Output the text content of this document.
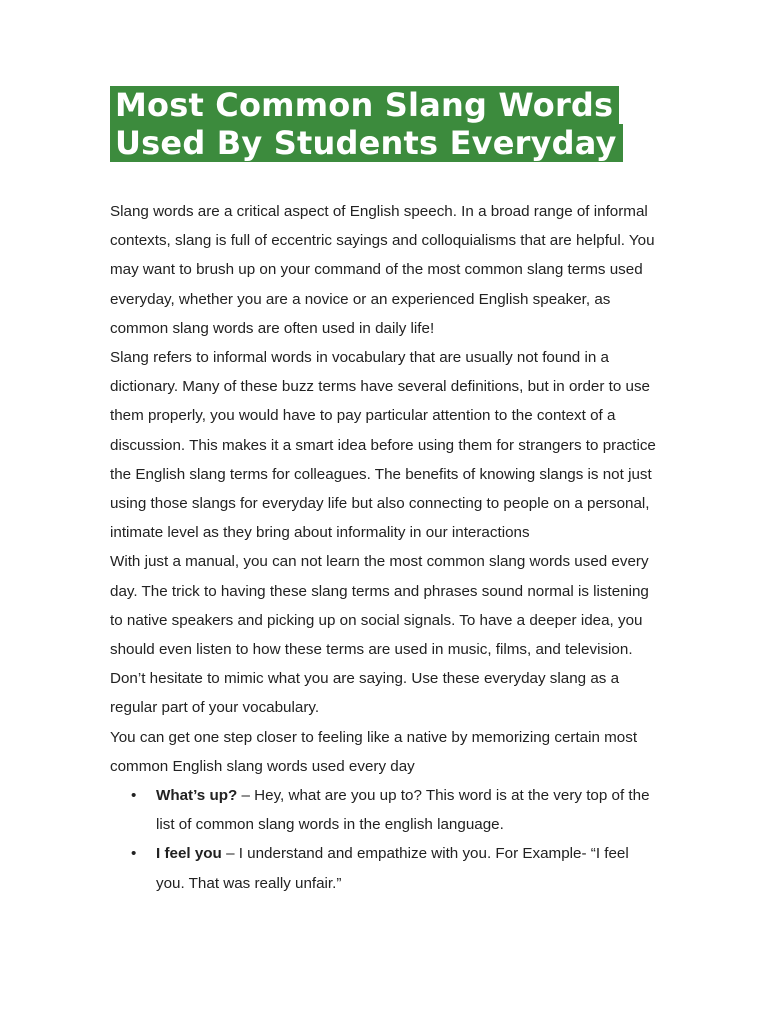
Most Common Slang Words
Used By Students Everyday

Slang words are a critical aspect of English speech. In a broad range of informal contexts, slang is full of eccentric sayings and colloquialisms that are helpful. You may want to brush up on your command of the most common slang terms used everyday, whether you are a novice or an experienced English speaker, as common slang words are often used in daily life!

Slang refers to informal words in vocabulary that are usually not found in a dictionary. Many of these buzz terms have several definitions, but in order to use them properly, you would have to pay particular attention to the context of a discussion. This makes it a smart idea before using them for strangers to practice the English slang terms for colleagues. The benefits of knowing slangs is not just using those slangs for everyday life but also connecting to people on a personal, intimate level as they bring about informality in our interactions

With just a manual, you can not learn the most common slang words used every day. The trick to having these slang terms and phrases sound normal is listening to native speakers and picking up on social signals. To have a deeper idea, you should even listen to how these terms are used in music, films, and television. Don’t hesitate to mimic what you are saying. Use these everyday slang as a regular part of your vocabulary.

You can get one step closer to feeling like a native by memorizing certain most common English slang words used every day

• What’s up? – Hey, what are you up to? This word is at the very top of the list of common slang words in the english language.
• I feel you – I understand and empathize with you. For Example- “I feel you. That was really unfair.”
